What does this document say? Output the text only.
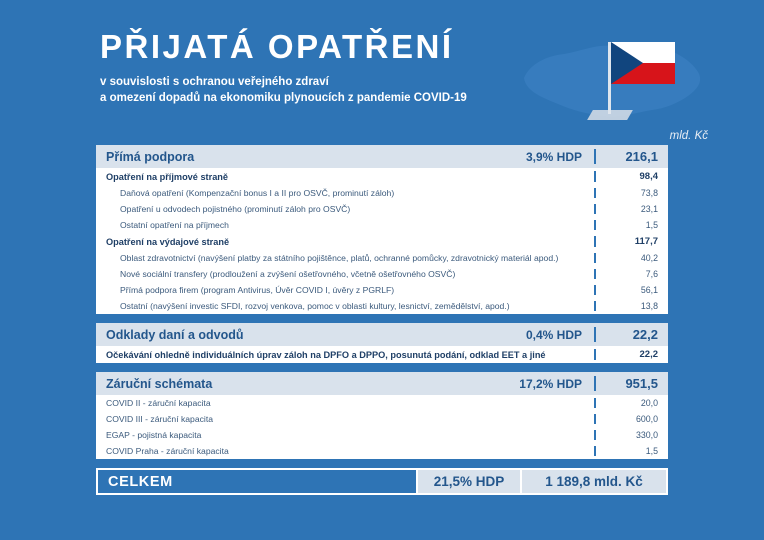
PŘIJATÁ OPATŘENÍ
v souvislosti s ochranou veřejného zdraví
a omezení dopadů na ekonomiku plynoucích z pandemie COVID-19
mld. Kč
Přímá podpora	3,9% HDP	216,1
Opatření na příjmové straně	98,4
Daňová opatření (Kompenzační bonus I a II pro OSVČ, prominutí záloh)	73,8
Opatření u odvodech pojistného (prominutí záloh pro OSVČ)	23,1
Ostatní opatření na příjmech	1,5
Opatření na výdajové straně	117,7
Oblast zdravotnictví (navýšení platby za státního pojištěnce, platů, ochranné pomůcky, zdravotnický materiál apod.)	40,2
Nové sociální transfery (prodloužení a zvýšení ošetřovného, včetně ošetřovného OSVČ)	7,6
Přímá podpora firem (program Antivirus, Úvěr COVID I, úvěry z PGRLF)	56,1
Ostatní (navýšení investic SFDI, rozvoj venkova, pomoc v oblasti kultury, lesnictví, zemědělství, apod.)	13,8
Odklady daní a odvodů	0,4% HDP	22,2
Očekávání ohledně individuálních úprav záloh na DPFO a DPPO, posunutá podání, odklad EET a jiné	22,2
Záruční schémata	17,2% HDP	951,5
COVID II - záruční kapacita	20,0
COVID III - záruční kapacita	600,0
EGAP - pojistná kapacita	330,0
COVID Praha - záruční kapacita	1,5
CELKEM	21,5% HDP	1 189,8 mld. Kč
